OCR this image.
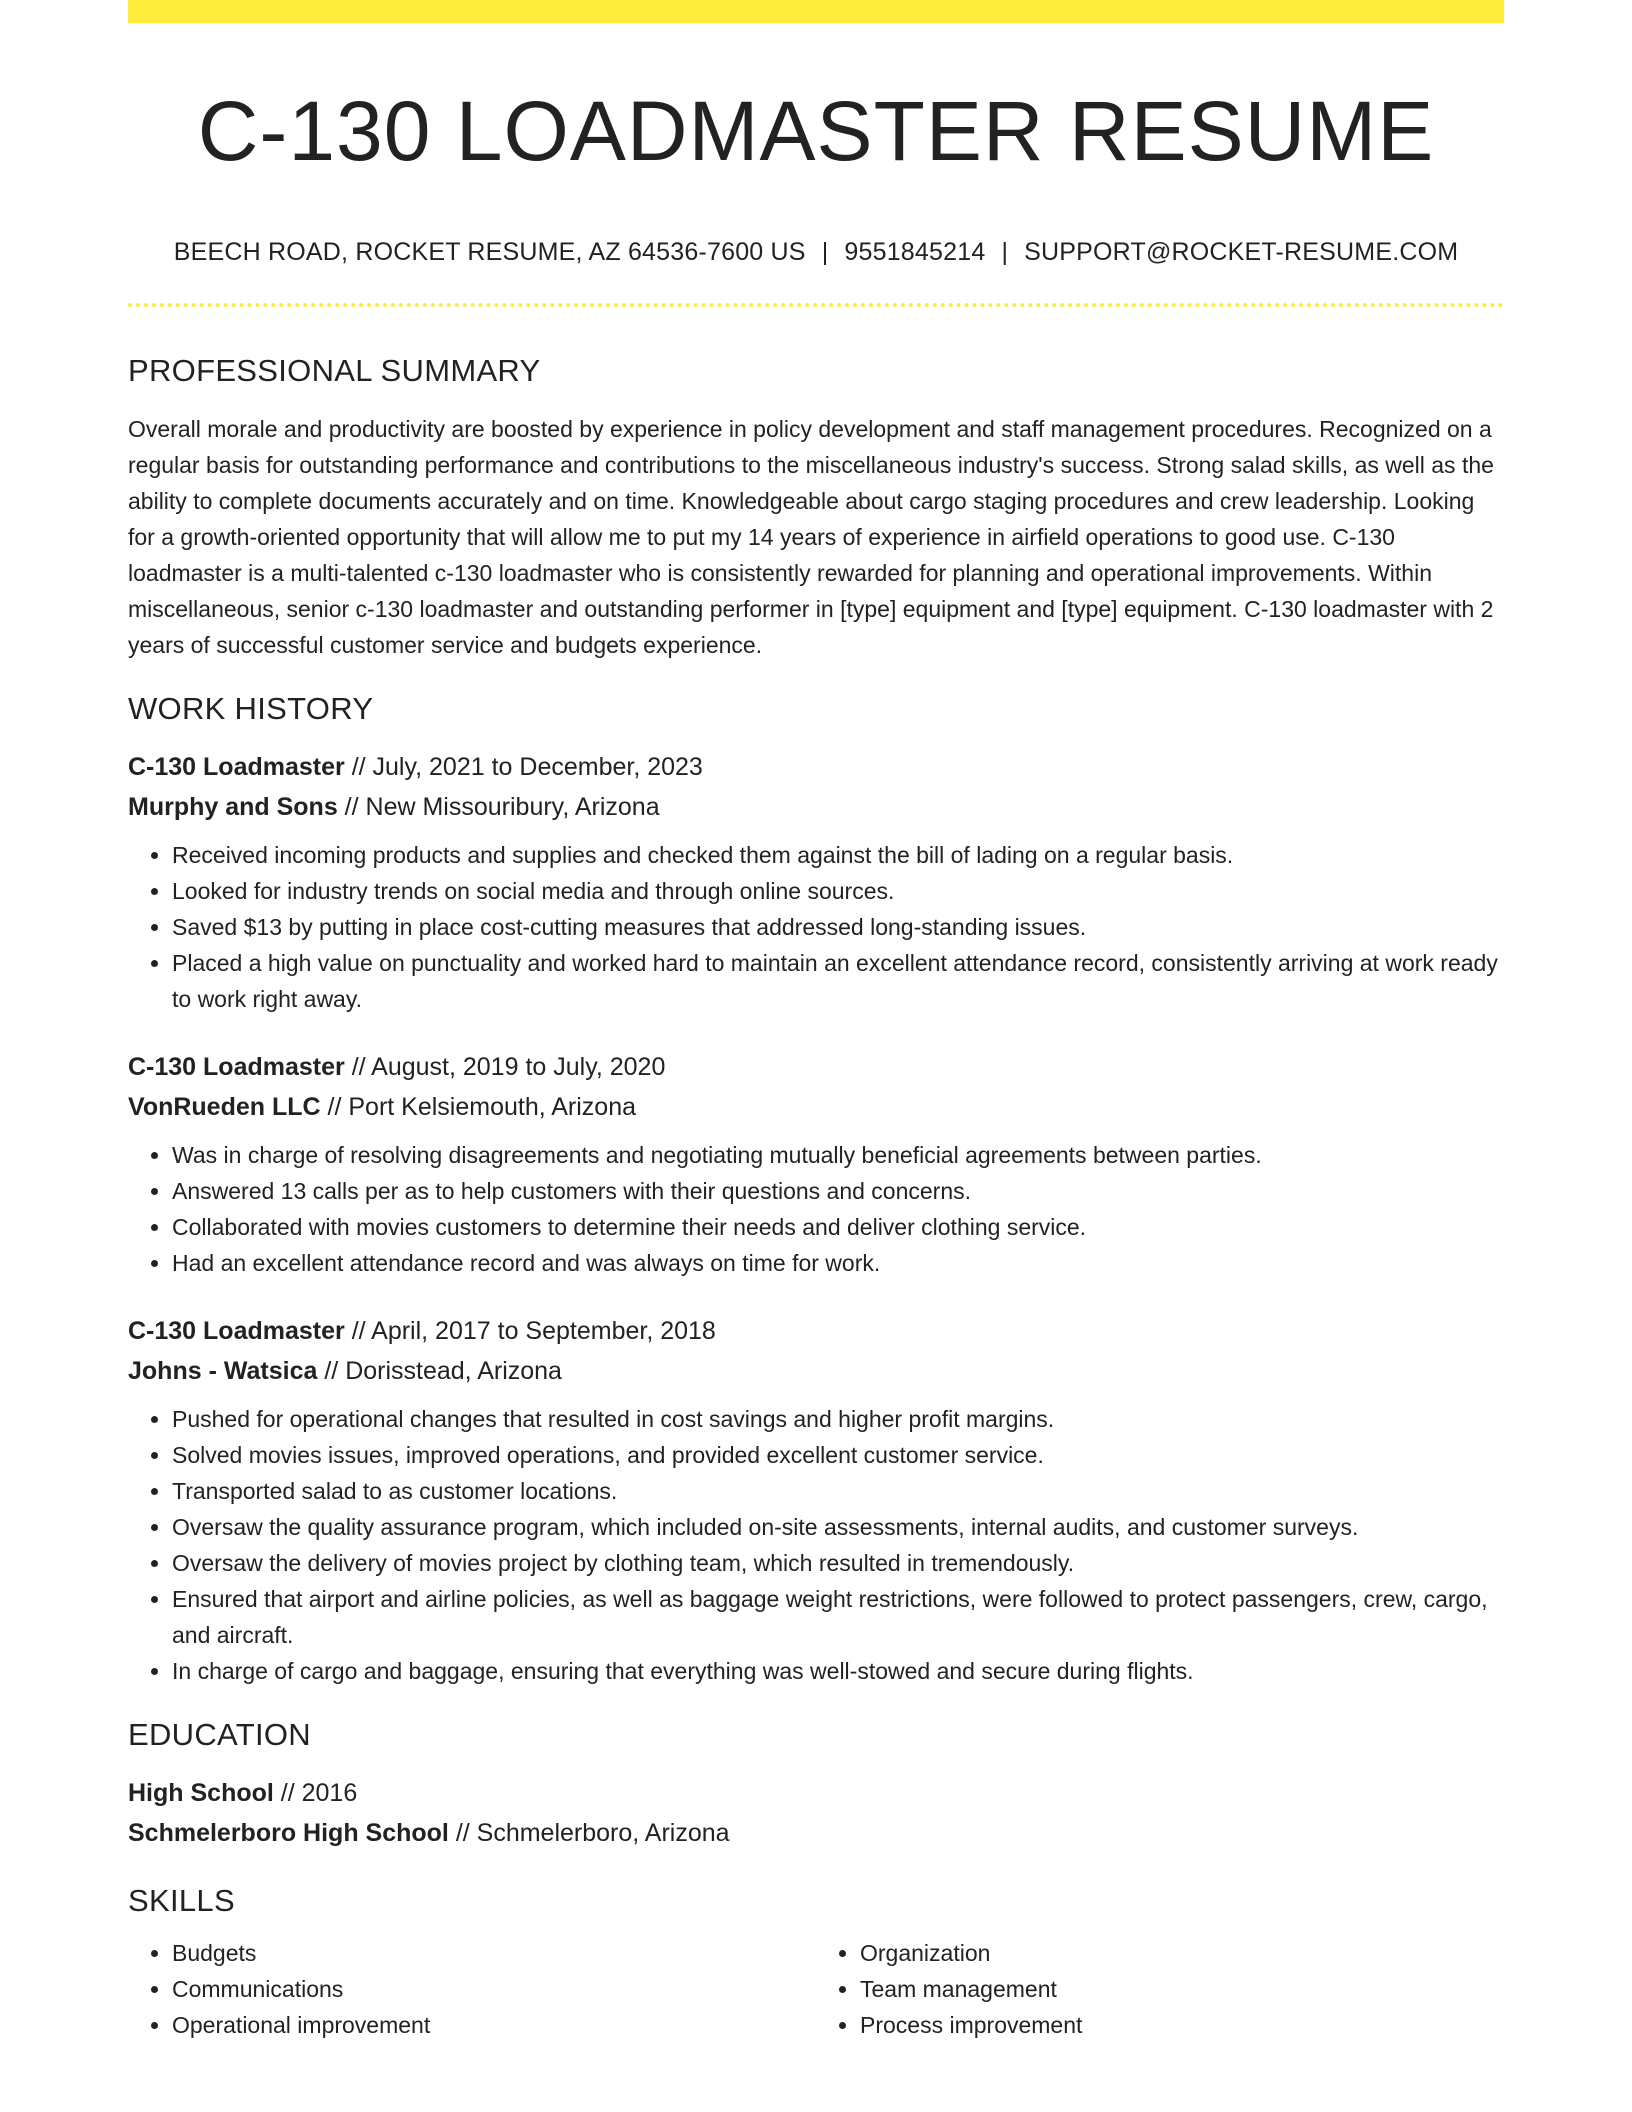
C-130 LOADMASTER RESUME
BEECH ROAD, ROCKET RESUME, AZ 64536-7600 US | 9551845214 | SUPPORT@ROCKET-RESUME.COM
PROFESSIONAL SUMMARY
Overall morale and productivity are boosted by experience in policy development and staff management procedures. Recognized on a regular basis for outstanding performance and contributions to the miscellaneous industry's success. Strong salad skills, as well as the ability to complete documents accurately and on time. Knowledgeable about cargo staging procedures and crew leadership. Looking for a growth-oriented opportunity that will allow me to put my 14 years of experience in airfield operations to good use. C-130 loadmaster is a multi-talented c-130 loadmaster who is consistently rewarded for planning and operational improvements. Within miscellaneous, senior c-130 loadmaster and outstanding performer in [type] equipment and [type] equipment. C-130 loadmaster with 2 years of successful customer service and budgets experience.
WORK HISTORY
C-130 Loadmaster // July, 2021 to December, 2023
Murphy and Sons // New Missouribury, Arizona
• Received incoming products and supplies and checked them against the bill of lading on a regular basis.
• Looked for industry trends on social media and through online sources.
• Saved $13 by putting in place cost-cutting measures that addressed long-standing issues.
• Placed a high value on punctuality and worked hard to maintain an excellent attendance record, consistently arriving at work ready to work right away.
C-130 Loadmaster // August, 2019 to July, 2020
VonRueden LLC // Port Kelsiemouth, Arizona
• Was in charge of resolving disagreements and negotiating mutually beneficial agreements between parties.
• Answered 13 calls per as to help customers with their questions and concerns.
• Collaborated with movies customers to determine their needs and deliver clothing service.
• Had an excellent attendance record and was always on time for work.
C-130 Loadmaster // April, 2017 to September, 2018
Johns - Watsica // Dorisstead, Arizona
• Pushed for operational changes that resulted in cost savings and higher profit margins.
• Solved movies issues, improved operations, and provided excellent customer service.
• Transported salad to as customer locations.
• Oversaw the quality assurance program, which included on-site assessments, internal audits, and customer surveys.
• Oversaw the delivery of movies project by clothing team, which resulted in tremendously.
• Ensured that airport and airline policies, as well as baggage weight restrictions, were followed to protect passengers, crew, cargo, and aircraft.
• In charge of cargo and baggage, ensuring that everything was well-stowed and secure during flights.
EDUCATION
High School // 2016
Schmelerboro High School // Schmelerboro, Arizona
SKILLS
• Budgets
• Communications
• Operational improvement
• Organization
• Team management
• Process improvement
